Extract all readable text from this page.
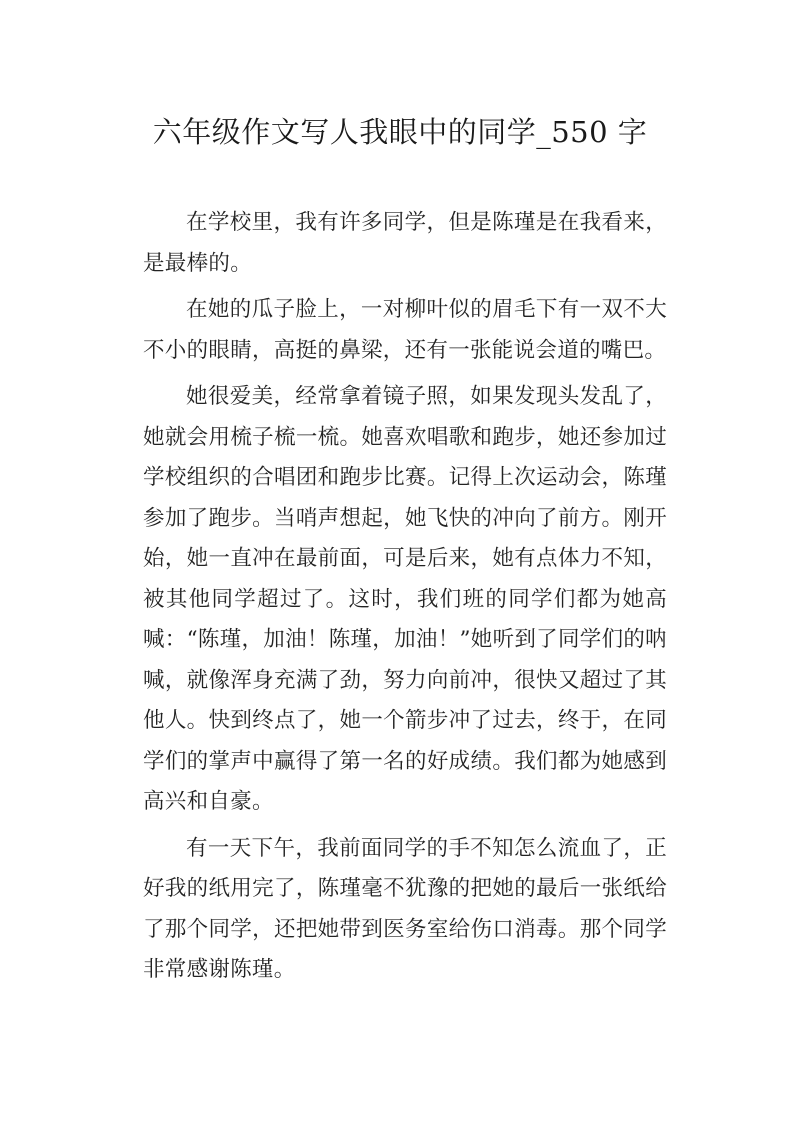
六年级作文写人我眼中的同学_550 字

在学校里，我有许多同学，但是陈瑾是在我看来，是最棒的。

在她的瓜子脸上，一对柳叶似的眉毛下有一双不大不小的眼睛，高挺的鼻梁，还有一张能说会道的嘴巴。

她很爱美，经常拿着镜子照，如果发现头发乱了，她就会用梳子梳一梳。她喜欢唱歌和跑步，她还参加过学校组织的合唱团和跑步比赛。记得上次运动会，陈瑾参加了跑步。当哨声想起，她飞快的冲向了前方。刚开始，她一直冲在最前面，可是后来，她有点体力不知，被其他同学超过了。这时，我们班的同学们都为她高喊：“陈瑾，加油！陈瑾，加油！”她听到了同学们的呐喊，就像浑身充满了劲，努力向前冲，很快又超过了其他人。快到终点了，她一个箭步冲了过去，终于，在同学们的掌声中赢得了第一名的好成绩。我们都为她感到高兴和自豪。

有一天下午，我前面同学的手不知怎么流血了，正好我的纸用完了，陈瑾毫不犹豫的把她的最后一张纸给了那个同学，还把她带到医务室给伤口消毒。那个同学非常感谢陈瑾。
